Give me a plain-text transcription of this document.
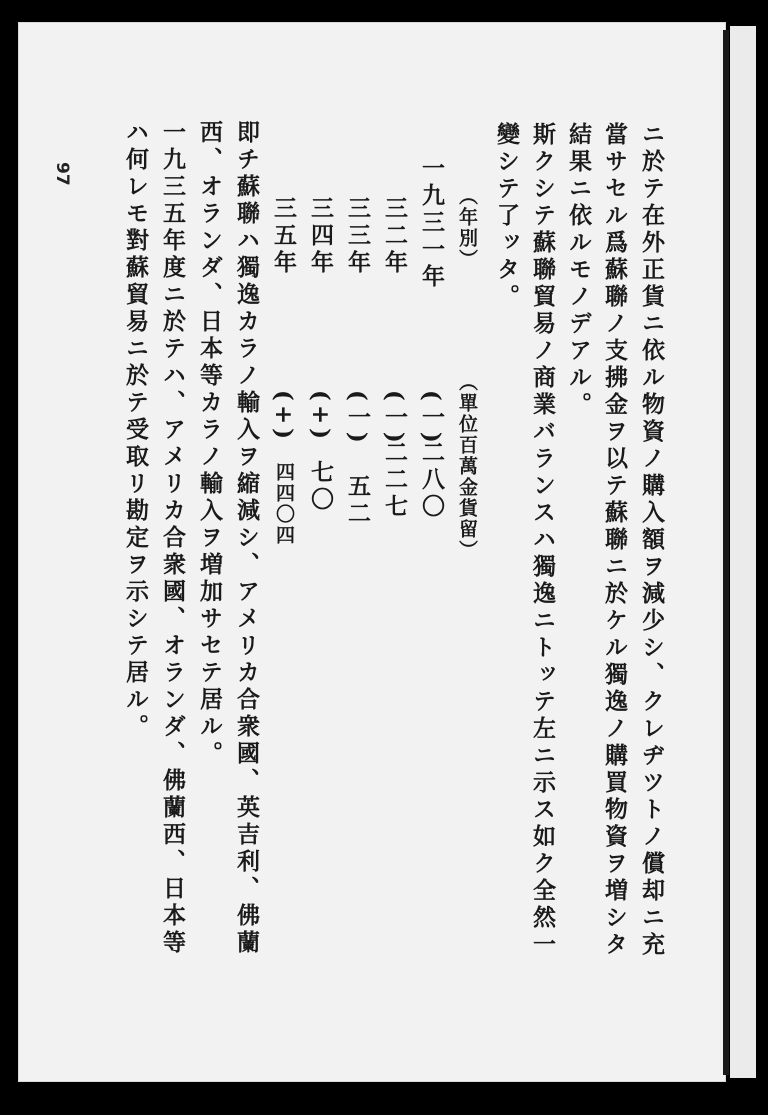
97	ニ於テ在外正貨ニ依ル物資ノ購入額ヲ減少シ、クレヂツトノ償却ニ充
當サセル爲蘇聯ノ支拂金ヲ以テ蘇聯ニ於ケル獨逸ノ購買物資ヲ増シタ
結果ニ依ルモノデアル。
斯クシテ蘇聯貿易ノ商業バランスハ獨逸ニトッテ左ニ示ス如ク全然一
變シテ了ッタ。
（年別）
（單位百萬金貨留）
一九三一年
(一)
二八〇
三二年
(一)
二二七
三三年
(一)
五二
三四年
(+)
七〇
三五年
(+)
四四〇四
即チ蘇聯ハ獨逸カラノ輸入ヲ縮減シ、アメリカ合衆國、英吉利、佛蘭
西、オランダ、日本等カラノ輸入ヲ増加サセテ居ル。
一九三五年度ニ於テハ、アメリカ合衆國、オランダ、佛蘭西、日本等
ハ何レモ對蘇貿易ニ於テ受取リ勘定ヲ示シテ居ル。
